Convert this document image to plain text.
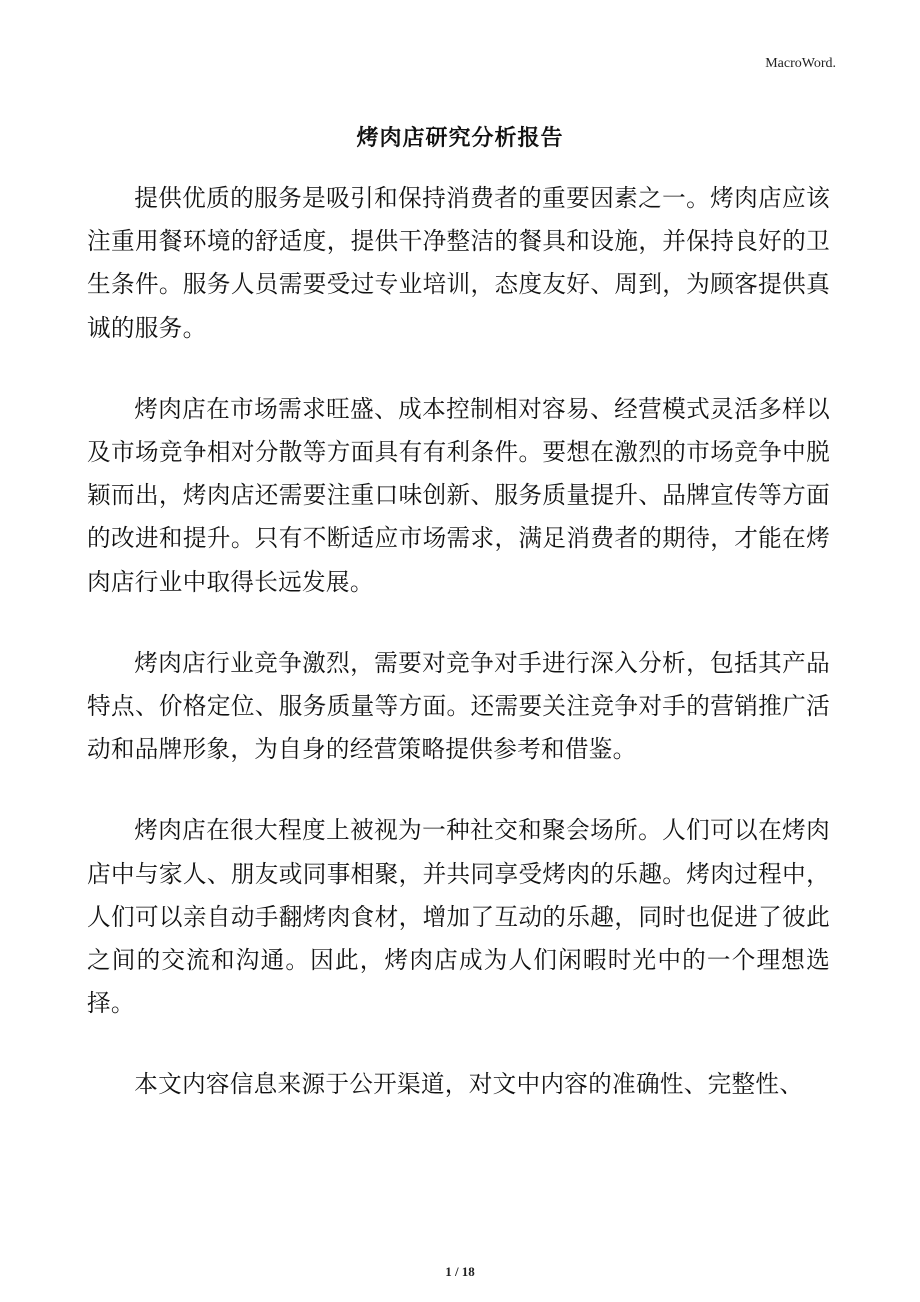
MacroWord.
烤肉店研究分析报告

提供优质的服务是吸引和保持消费者的重要因素之一。烤肉店应该注重用餐环境的舒适度，提供干净整洁的餐具和设施，并保持良好的卫生条件。服务人员需要受过专业培训，态度友好、周到，为顾客提供真诚的服务。

烤肉店在市场需求旺盛、成本控制相对容易、经营模式灵活多样以及市场竞争相对分散等方面具有有利条件。要想在激烈的市场竞争中脱颖而出，烤肉店还需要注重口味创新、服务质量提升、品牌宣传等方面的改进和提升。只有不断适应市场需求，满足消费者的期待，才能在烤肉店行业中取得长远发展。

烤肉店行业竞争激烈，需要对竞争对手进行深入分析，包括其产品特点、价格定位、服务质量等方面。还需要关注竞争对手的营销推广活动和品牌形象，为自身的经营策略提供参考和借鉴。

烤肉店在很大程度上被视为一种社交和聚会场所。人们可以在烤肉店中与家人、朋友或同事相聚，并共同享受烤肉的乐趣。烤肉过程中，人们可以亲自动手翻烤肉食材，增加了互动的乐趣，同时也促进了彼此之间的交流和沟通。因此，烤肉店成为人们闲暇时光中的一个理想选择。

本文内容信息来源于公开渠道，对文中内容的准确性、完整性、

1 / 18
